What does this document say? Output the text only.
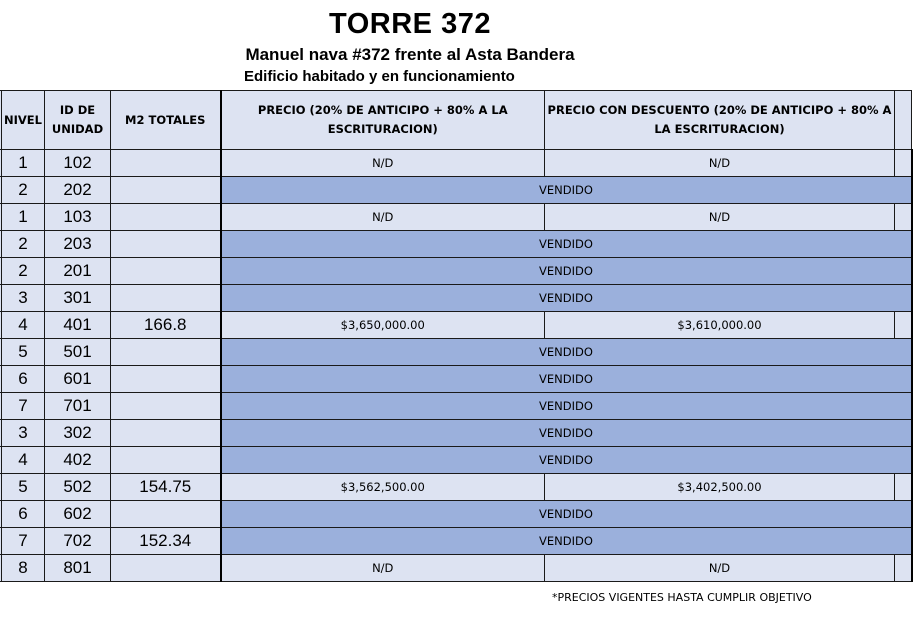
TORRE 372
Manuel nava #372 frente al Asta Bandera
Edificio habitado y en funcionamiento
	NIVEL	ID DE UNIDAD	M2 TOTALES	PRECIO (20% DE ANTICIPO + 80% A LA ESCRITURACION)	PRECIO CON DESCUENTO (20% DE ANTICIPO + 80% A LA ESCRITURACION)	
	1	102		N/D	N/D	
	2	202		VENDIDO		
	1	103		N/D	N/D	
	2	203		VENDIDO		
	2	201		VENDIDO		
	3	301		VENDIDO		
	4	401	166.8	$3,650,000.00	$3,610,000.00	
	5	501		VENDIDO		
	6	601		VENDIDO		
	7	701		VENDIDO		
	3	302		VENDIDO		
	4	402		VENDIDO		
	5	502	154.75	$3,562,500.00	$3,402,500.00	
	6	602		VENDIDO		
	7	702	152.34	VENDIDO		
	8	801		N/D	N/D	
*PRECIOS VIGENTES HASTA CUMPLIR OBJETIVO
